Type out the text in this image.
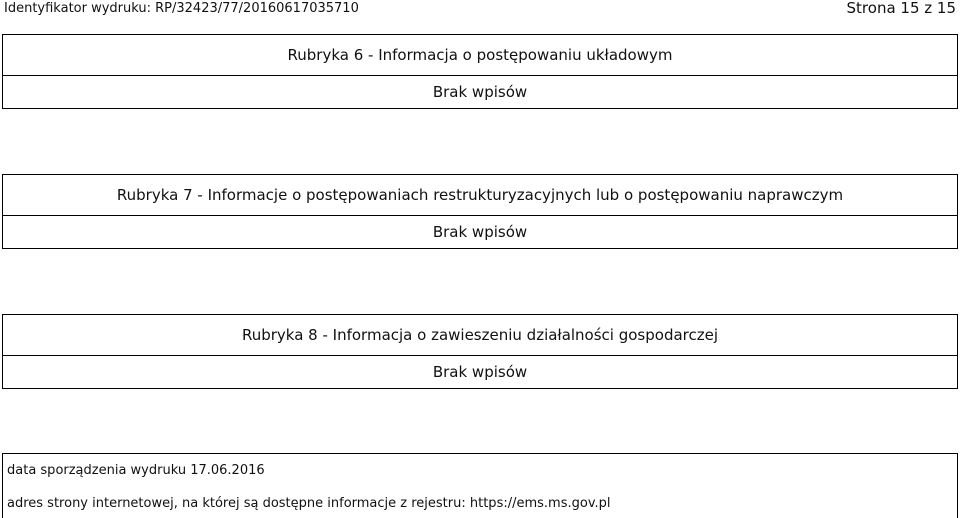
Identyfikator wydruku: RP/32423/77/20160617035710	Strona 15 z 15
Rubryka 6 - Informacja o postępowaniu układowym
Brak wpisów
Rubryka 7 - Informacje o postępowaniach restrukturyzacyjnych lub o postępowaniu naprawczym
Brak wpisów
Rubryka 8 - Informacja o zawieszeniu działalności gospodarczej
Brak wpisów
data sporządzenia wydruku 17.06.2016
adres strony internetowej, na której są dostępne informacje z rejestru: https://ems.ms.gov.pl
